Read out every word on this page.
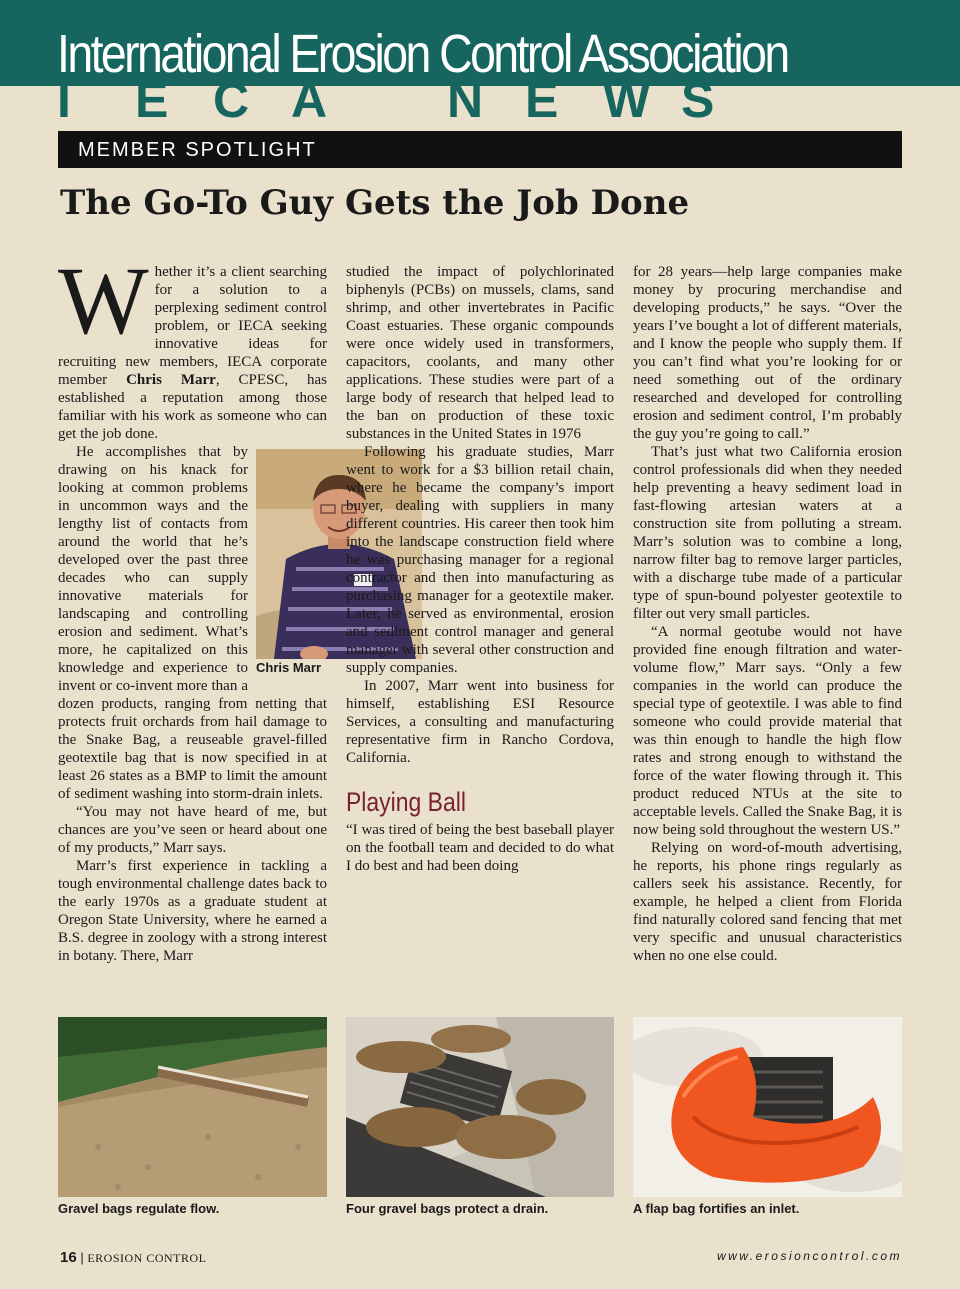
International Erosion Control Association
I E C A N E W S
MEMBER SPOTLIGHT
The Go-To Guy Gets the Job Done

Whether it’s a client searching for a solution to a perplexing sediment control problem, or IECA seeking innovative ideas for recruiting new members, IECA corporate member Chris Marr, CPESC, has established a reputation among those familiar with his work as someone who can get the job done.

Chris Marr
He accomplishes that by drawing on his knack for looking at common problems in uncommon ways and the lengthy list of contacts from around the world that he’s developed over the past three decades who can supply innovative materials for landscaping and controlling erosion and sediment. What’s more, he capitalized on this knowledge and experience to invent or co-invent more than a dozen products, ranging from netting that protects fruit orchards from hail damage to the Snake Bag, a reuseable gravel-filled geotextile bag that is now specified in at least 26 states as a BMP to limit the amount of sediment washing into storm-drain inlets.

“You may not have heard of me, but chances are you’ve seen or heard about one of my products,” Marr says.

Marr’s first experience in tackling a tough environmental challenge dates back to the early 1970s as a graduate student at Oregon State University, where he earned a B.S. degree in zoology with a strong interest in botany. There, Marr

studied the impact of polychlorinated biphenyls (PCBs) on mussels, clams, sand shrimp, and other invertebrates in Pacific Coast estuaries. These organic compounds were once widely used in transformers, capacitors, coolants, and many other applications. These studies were part of a large body of research that helped lead to the ban on production of these toxic substances in the United States in 1976

Following his graduate studies, Marr went to work for a $3 billion retail chain, where he became the company’s import buyer, dealing with suppliers in many different countries. His career then took him into the landscape construction field where he was purchasing manager for a regional contractor and then into manufacturing as purchasing manager for a geotextile maker. Later, he served as environmental, erosion and sediment control manager and general manager with several other construction and supply companies.

In 2007, Marr went into business for himself, establishing ESI Resource Services, a consulting and manufacturing representative firm in Rancho Cordova, California.

Playing Ball

“I was tired of being the best baseball player on the football team and decided to do what I do best and had been doing

for 28 years—help large companies make money by procuring merchandise and developing products,” he says. “Over the years I’ve bought a lot of different materials, and I know the people who supply them. If you can’t find what you’re looking for or need something out of the ordinary researched and developed for controlling erosion and sediment control, I’m probably the guy you’re going to call.”

That’s just what two California erosion control professionals did when they needed help preventing a heavy sediment load in fast-flowing artesian waters at a construction site from polluting a stream. Marr’s solution was to combine a long, narrow filter bag to remove larger particles, with a discharge tube made of a particular type of spun-bound polyester geotextile to filter out very small particles.

“A normal geotube would not have provided fine enough filtration and water-volume flow,” Marr says. “Only a few companies in the world can produce the special type of geotextile. I was able to find someone who could provide material that was thin enough to handle the high flow rates and strong enough to withstand the force of the water flowing through it. This product reduced NTUs at the site to acceptable levels. Called the Snake Bag, it is now being sold throughout the western US.”

Relying on word-of-mouth advertising, he reports, his phone rings regularly as callers seek his assistance. Recently, for example, he helped a client from Florida find naturally colored sand fencing that met very specific and unusual characteristics when no one else could.

Gravel bags regulate flow.	Four gravel bags protect a drain.	A flap bag fortifies an inlet.
16 | EROSION CONTROL	www.erosioncontrol.com
